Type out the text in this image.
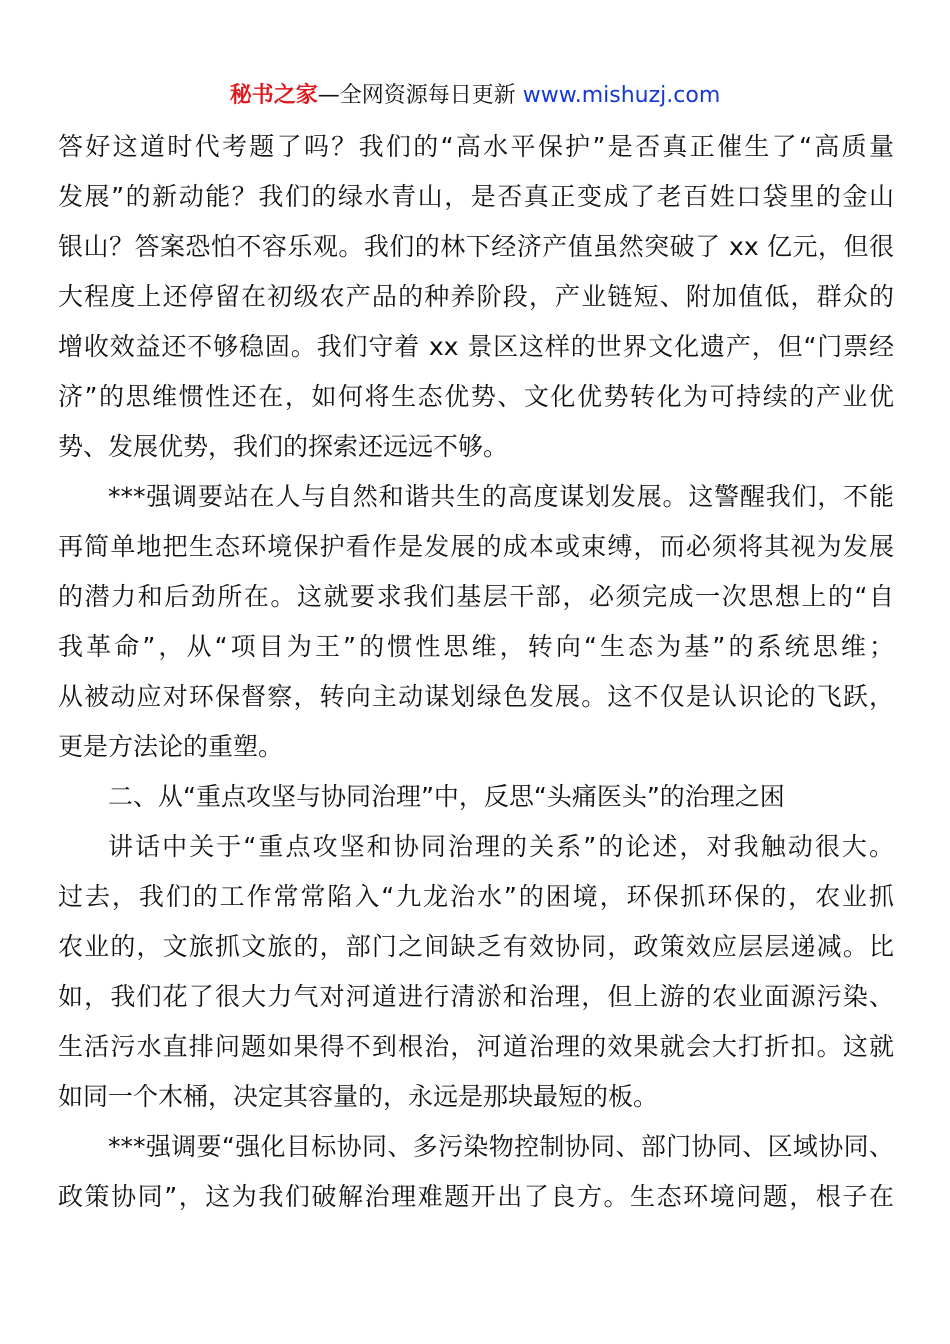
秘书之家—全网资源每日更新 www.mishuzj.com
答好这道时代考题了吗？我们的“高水平保护”是否真正催生了“高质量
发展”的新动能？我们的绿水青山，是否真正变成了老百姓口袋里的金山
银山？答案恐怕不容乐观。我们的林下经济产值虽然突破了 xx 亿元，但很
大程度上还停留在初级农产品的种养阶段，产业链短、附加值低，群众的
增收效益还不够稳固。我们守着 xx 景区这样的世界文化遗产，但“门票经
济”的思维惯性还在，如何将生态优势、文化优势转化为可持续的产业优
势、发展优势，我们的探索还远远不够。
***强调要站在人与自然和谐共生的高度谋划发展。这警醒我们，不能
再简单地把生态环境保护看作是发展的成本或束缚，而必须将其视为发展
的潜力和后劲所在。这就要求我们基层干部，必须完成一次思想上的“自
我革命”，从“项目为王”的惯性思维，转向“生态为基”的系统思维；
从被动应对环保督察，转向主动谋划绿色发展。这不仅是认识论的飞跃，
更是方法论的重塑。
二、从“重点攻坚与协同治理”中，反思“头痛医头”的治理之困
讲话中关于“重点攻坚和协同治理的关系”的论述，对我触动很大。
过去，我们的工作常常陷入“九龙治水”的困境，环保抓环保的，农业抓
农业的，文旅抓文旅的，部门之间缺乏有效协同，政策效应层层递减。比
如，我们花了很大力气对河道进行清淤和治理，但上游的农业面源污染、
生活污水直排问题如果得不到根治，河道治理的效果就会大打折扣。这就
如同一个木桶，决定其容量的，永远是那块最短的板。
***强调要“强化目标协同、多污染物控制协同、部门协同、区域协同、
政策协同”，这为我们破解治理难题开出了良方。生态环境问题，根子在
